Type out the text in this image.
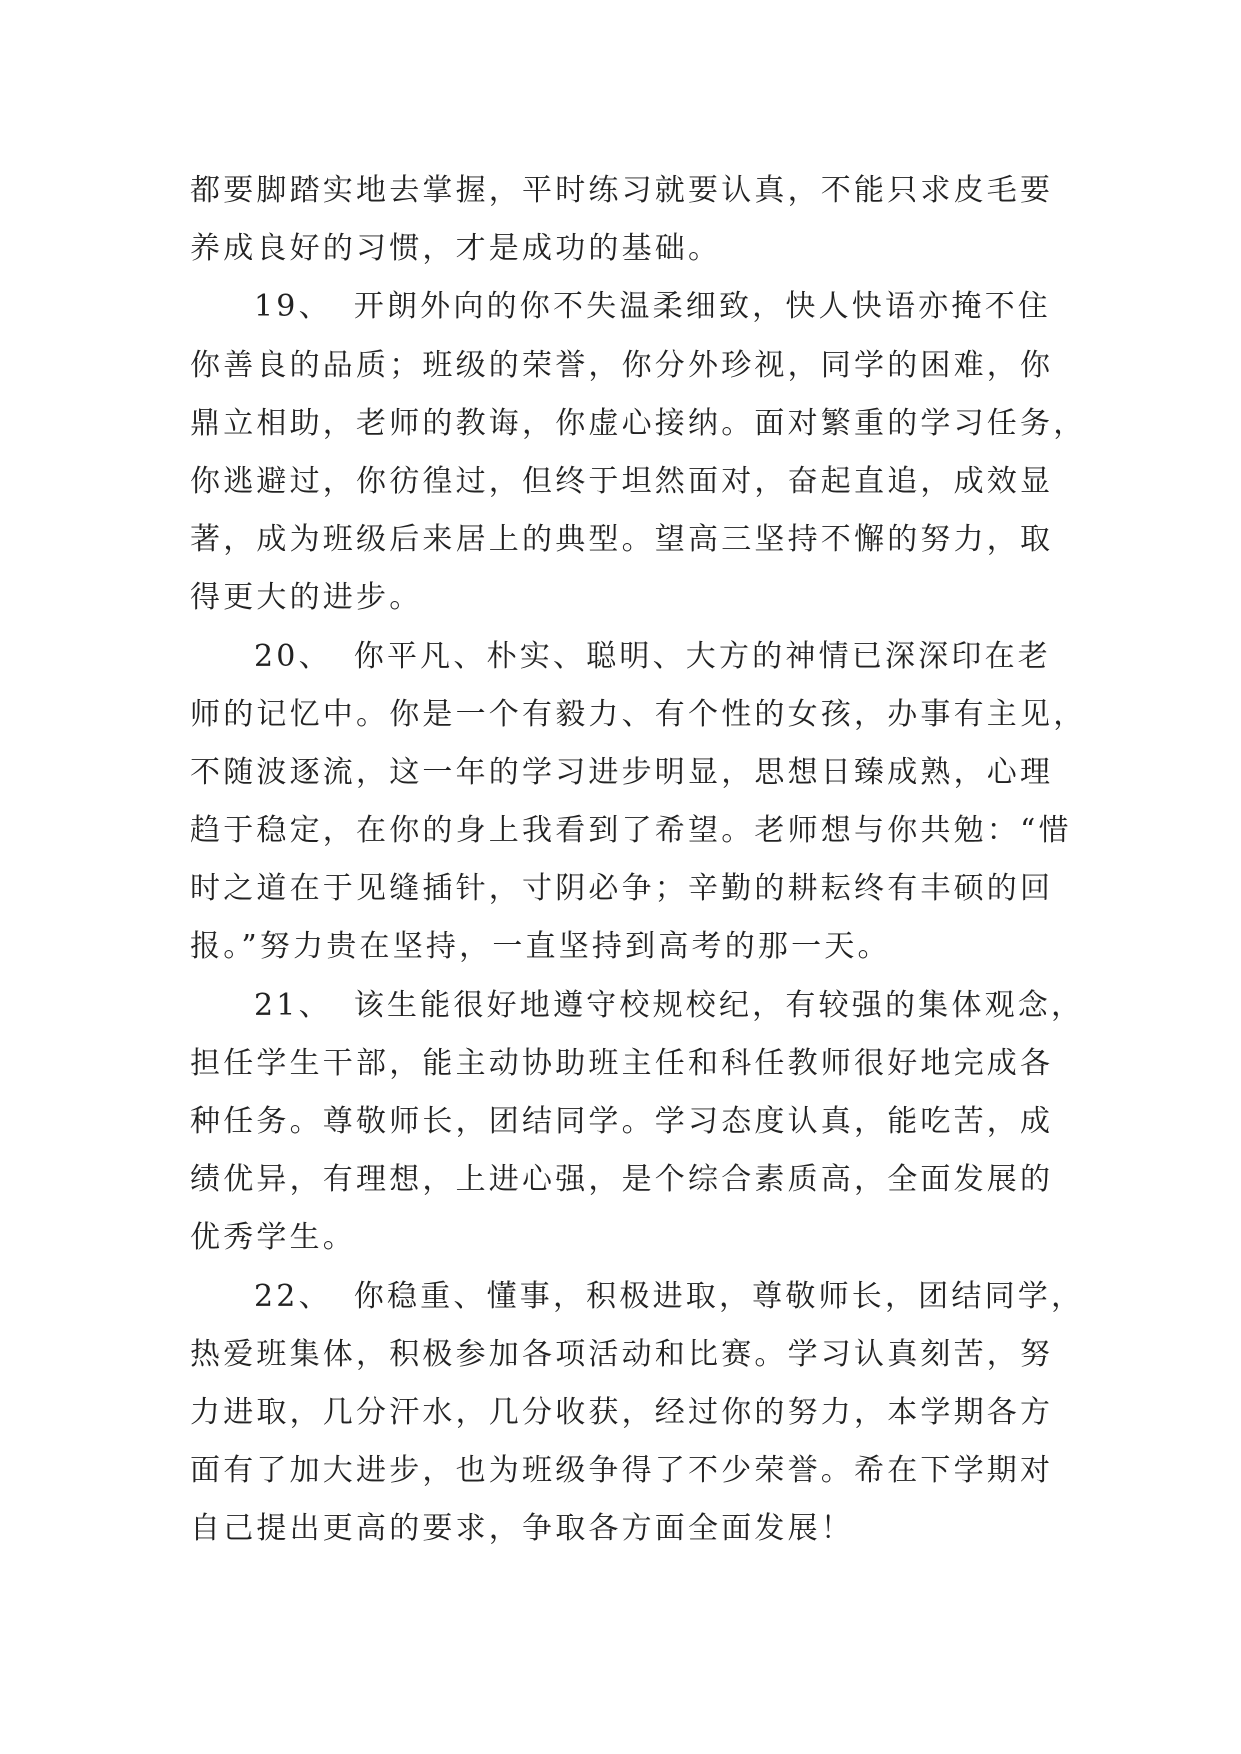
都要脚踏实地去掌握，平时练习就要认真，不能只求皮毛要
养成良好的习惯，才是成功的基础。
19、 开朗外向的你不失温柔细致，快人快语亦掩不住
你善良的品质；班级的荣誉，你分外珍视，同学的困难，你
鼎立相助，老师的教诲，你虚心接纳。面对繁重的学习任务，
你逃避过，你彷徨过，但终于坦然面对，奋起直追，成效显
著，成为班级后来居上的典型。望高三坚持不懈的努力，取
得更大的进步。
20、 你平凡、朴实、聪明、大方的神情已深深印在老
师的记忆中。你是一个有毅力、有个性的女孩，办事有主见，
不随波逐流，这一年的学习进步明显，思想日臻成熟，心理
趋于稳定，在你的身上我看到了希望。老师想与你共勉：“惜
时之道在于见缝插针，寸阴必争；辛勤的耕耘终有丰硕的回
报。”努力贵在坚持，一直坚持到高考的那一天。
21、 该生能很好地遵守校规校纪，有较强的集体观念，
担任学生干部，能主动协助班主任和科任教师很好地完成各
种任务。尊敬师长，团结同学。学习态度认真，能吃苦，成
绩优异，有理想，上进心强，是个综合素质高，全面发展的
优秀学生。
22、 你稳重、懂事，积极进取，尊敬师长，团结同学，
热爱班集体，积极参加各项活动和比赛。学习认真刻苦，努
力进取，几分汗水，几分收获，经过你的努力，本学期各方
面有了加大进步，也为班级争得了不少荣誉。希在下学期对
自己提出更高的要求，争取各方面全面发展！
